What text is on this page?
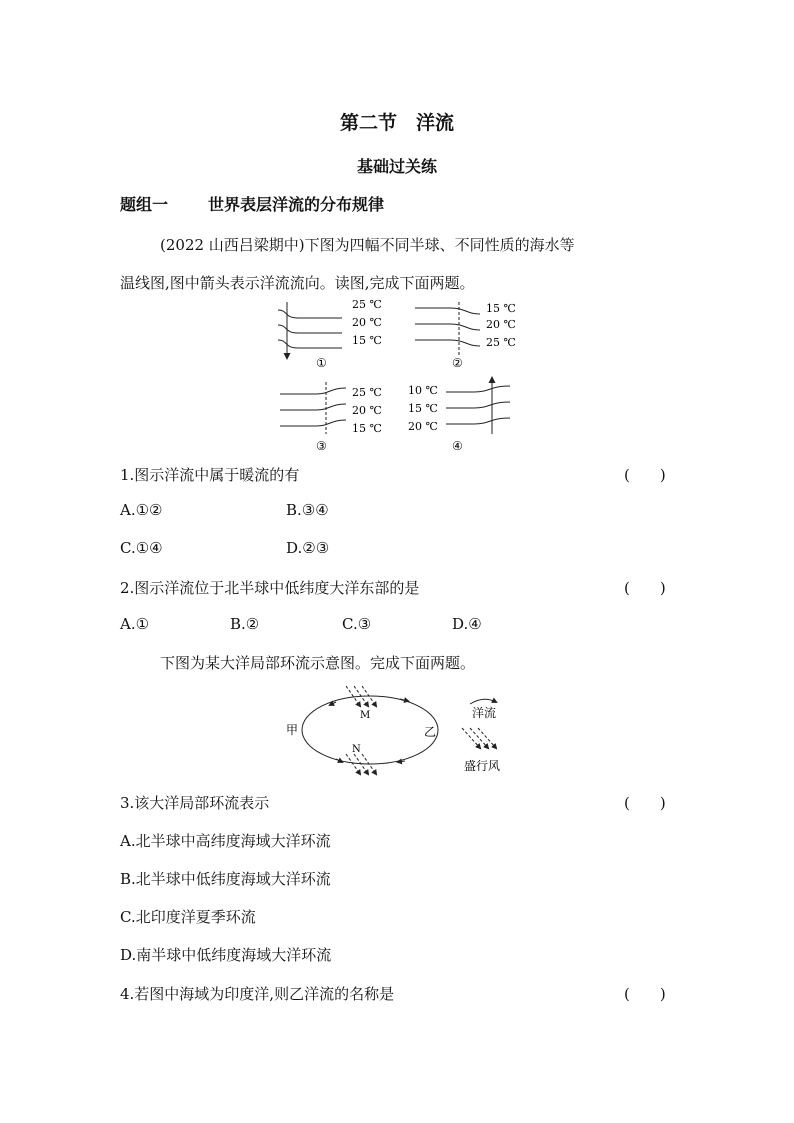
第二节　洋流
基础过关练
题组一	世界表层洋流的分布规律
(2022 山西吕梁期中)下图为四幅不同半球、不同性质的海水等
温线图,图中箭头表示洋流流向。读图,完成下面两题。
25 ℃
20 ℃
15 ℃
①
15 ℃
20 ℃
25 ℃
②
25 ℃
20 ℃
15 ℃
③
10 ℃
15 ℃
20 ℃
④
1.图示洋流中属于暖流的有	(　　)
A.①②	B.③④
C.①④	D.②③
2.图示洋流位于北半球中低纬度大洋东部的是	(　　)
A.①	B.②	C.③	D.④
下图为某大洋局部环流示意图。完成下面两题。
M
N
甲	乙
洋流
盛行风
3.该大洋局部环流表示	(　　)
A.北半球中高纬度海域大洋环流
B.北半球中低纬度海域大洋环流
C.北印度洋夏季环流
D.南半球中低纬度海域大洋环流
4.若图中海域为印度洋,则乙洋流的名称是	(　　)
